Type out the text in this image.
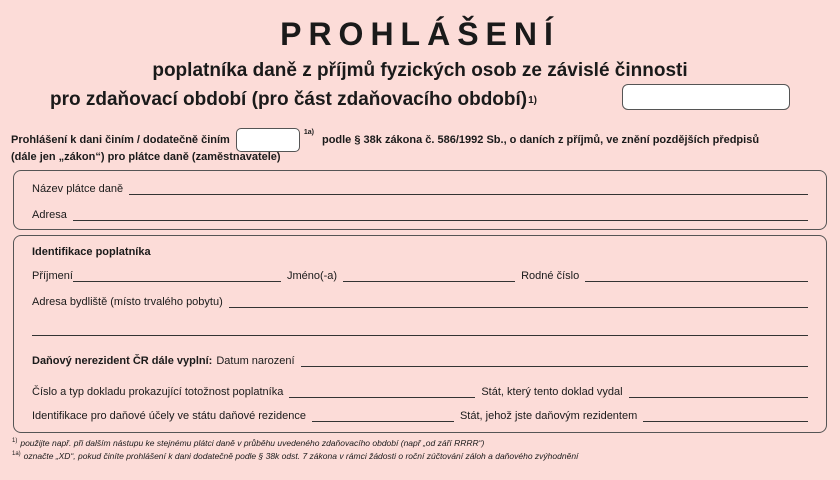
PROHLÁŠENÍ
poplatníka daně z příjmů fyzických osob ze závislé činnosti
pro zdaňovací období (pro část zdaňovacího období) 1)
Prohlášení k dani činím / dodatečně činím
$^{1a)}$
podle § 38k zákona č. 586/1992 Sb., o daních z příjmů, ve znění pozdějších předpisů
(dále jen „zákon“) pro plátce daně (zaměstnavatele)
Název plátce daně
Adresa
Identifikace poplatníka
Příjmení	Jméno(-a)	Rodné číslo
Adresa bydliště (místo trvalého pobytu)
Daňový nerezident ČR dále vyplní: Datum narození
Číslo a typ dokladu prokazující totožnost poplatníka	Stát, který tento doklad vydal
Identifikace pro daňové účely ve státu daňové rezidence	Stát, jehož jste daňovým rezidentem
$^{1)}$ použijte např. při dalším nástupu ke stejnému plátci daně v průběhu uvedeného zdaňovacího období (např „od září RRRR“)
$^{1a)}$ označte „XD“, pokud činíte prohlášení k dani dodatečně podle § 38k odst. 7 zákona v rámci žádosti o roční zúčtování záloh a daňového zvýhodnění
